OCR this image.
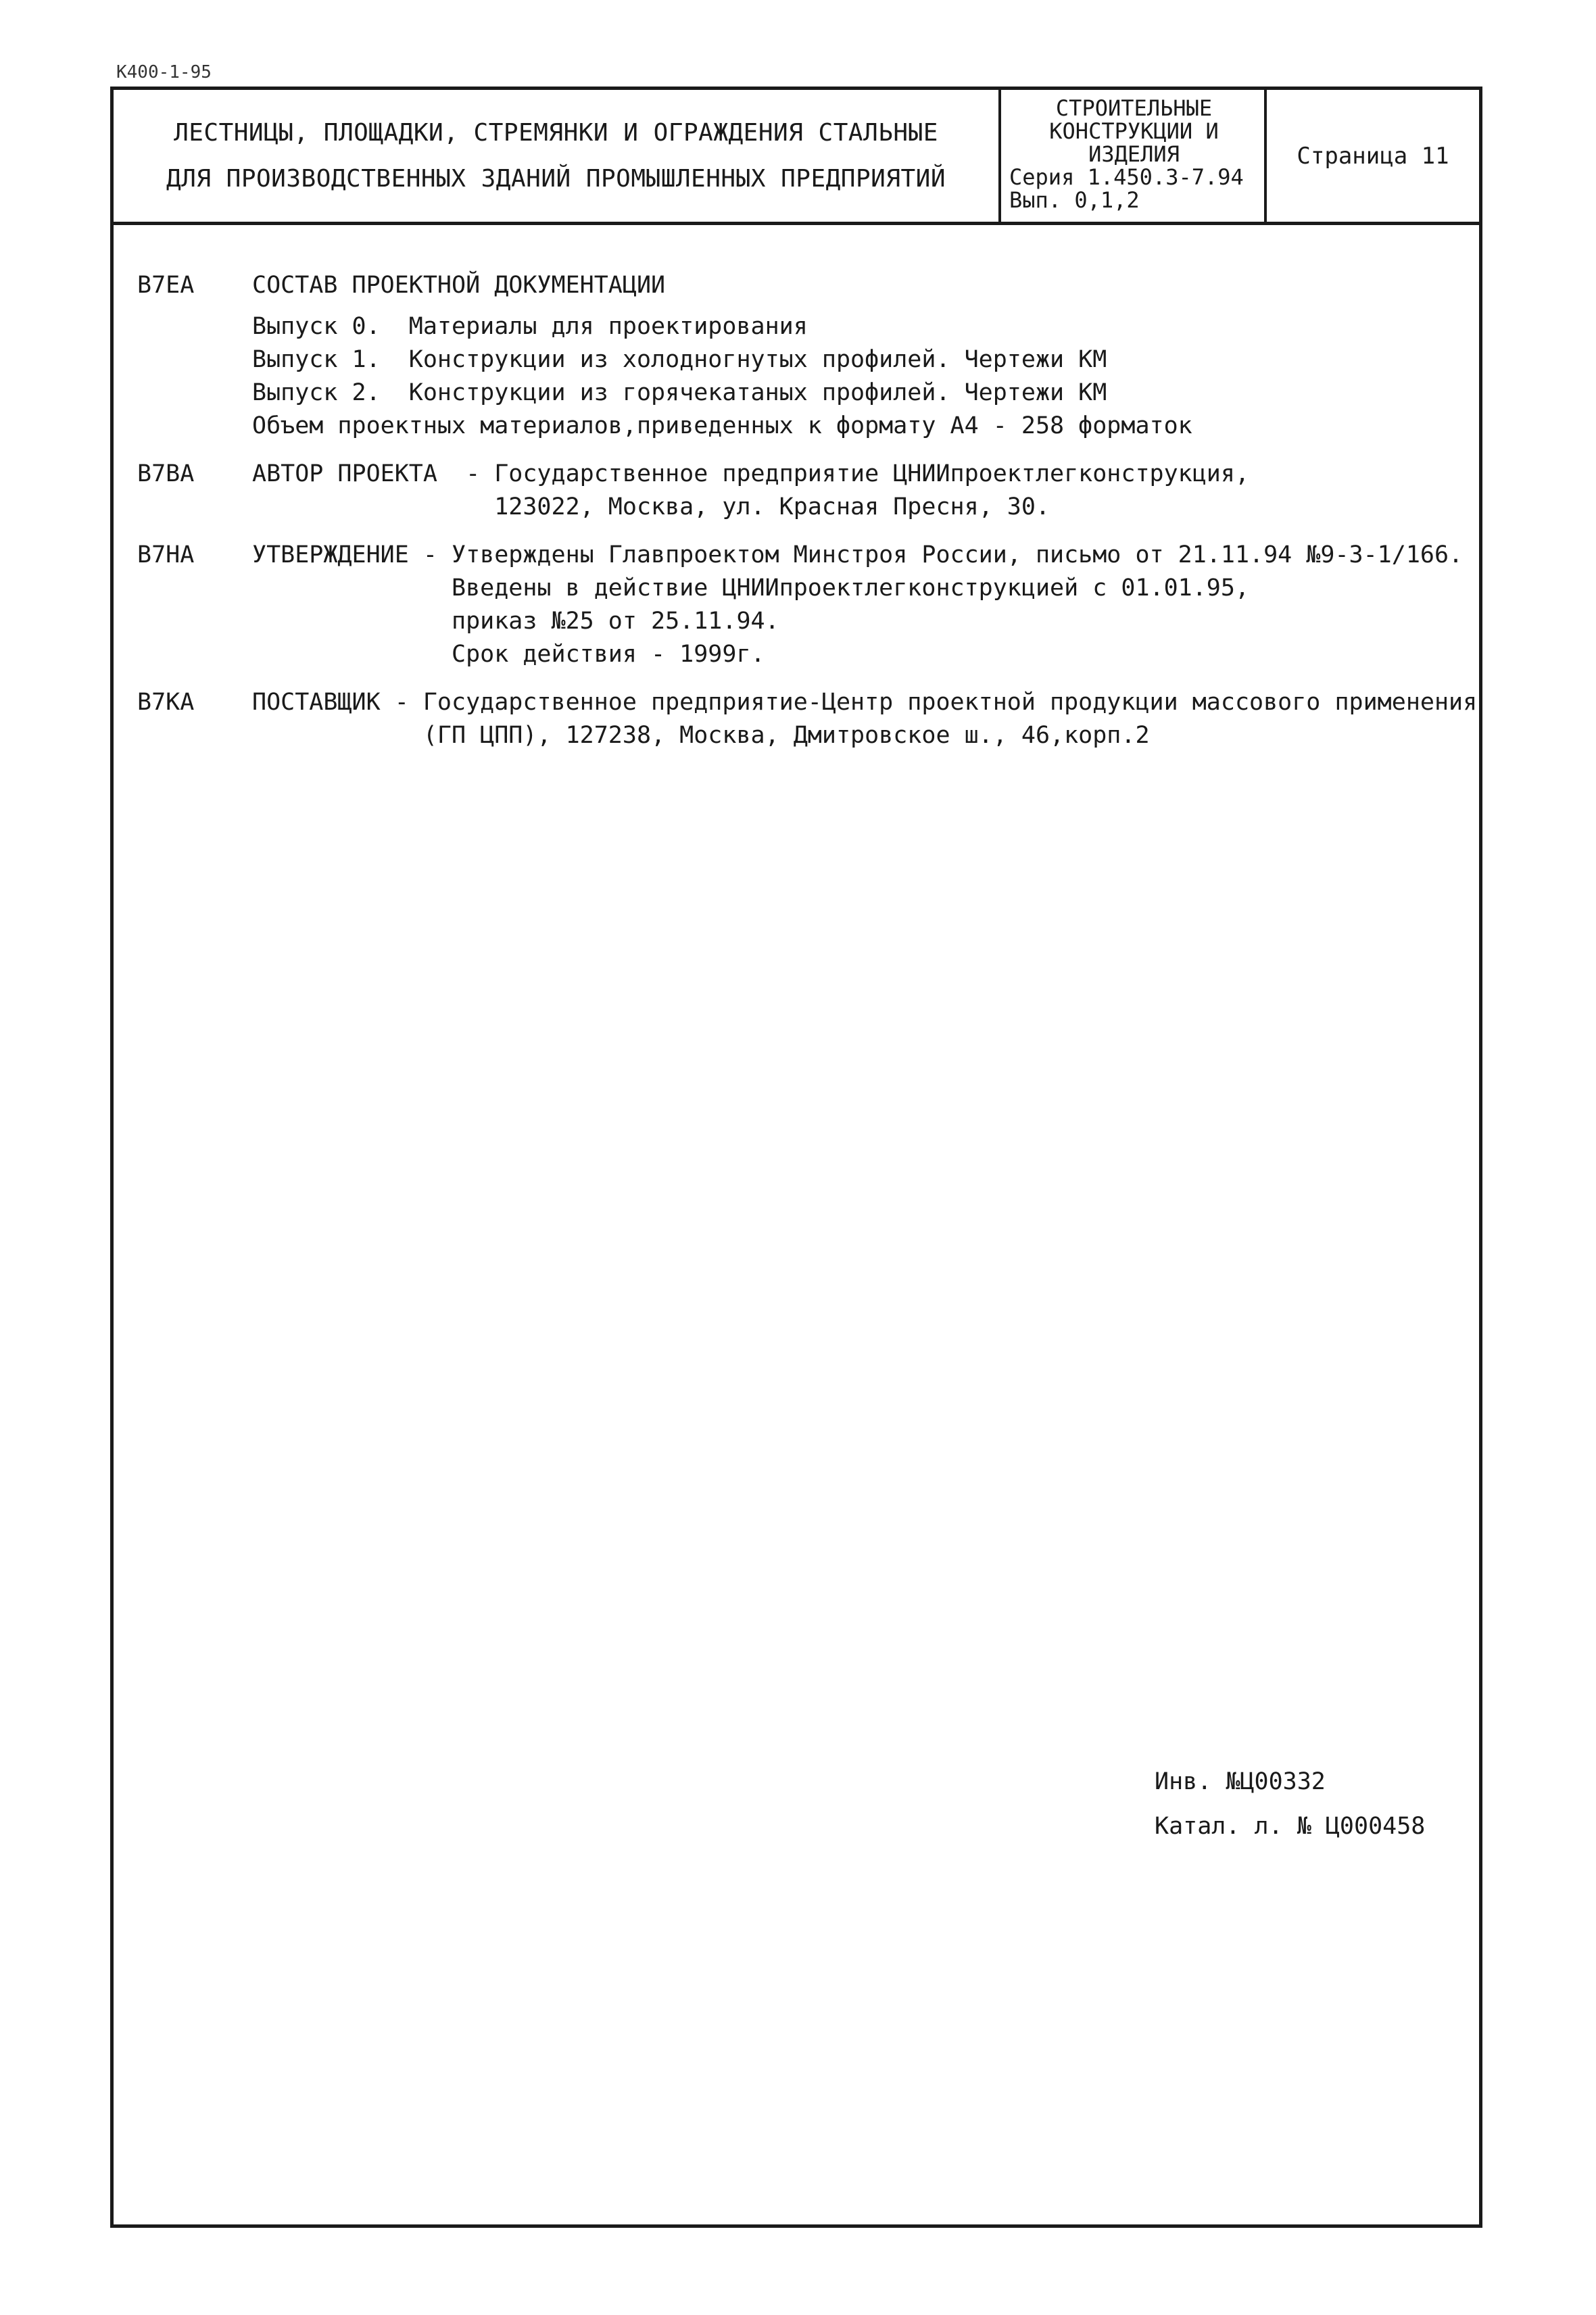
К400-1-95
ЛЕСТНИЦЫ, ПЛОЩАДКИ, СТРЕМЯНКИ И ОГРАЖДЕНИЯ СТАЛЬНЫЕ
ДЛЯ ПРОИЗВОДСТВЕННЫХ ЗДАНИЙ ПРОМЫШЛЕННЫХ ПРЕДПРИЯТИЙ
СТРОИТЕЛЬНЫЕ
КОНСТРУКЦИИ И
ИЗДЕЛИЯ
Серия 1.450.3-7.94
Вып. 0,1,2
Страница 11
В7ЕА	СОСТАВ ПРОЕКТНОЙ ДОКУМЕНТАЦИИ
Выпуск 0.  Материалы для проектирования
Выпуск 1.  Конструкции из холодногнутых профилей. Чертежи КМ
Выпуск 2.  Конструкции из горячекатаных профилей. Чертежи КМ
Объем проектных материалов,приведенных к формату А4 - 258 форматок
В7ВА	АВТОР ПРОЕКТА  - Государственное предприятие ЦНИИпроектлегконструкция,
123022, Москва, ул. Красная Пресня, 30.
В7НА	УТВЕРЖДЕНИЕ - Утверждены Главпроектом Минстроя России, письмо от 21.11.94 №9-3-1/166.
Введены в действие ЦНИИпроектлегконструкцией с 01.01.95,
приказ №25 от 25.11.94.
Срок действия - 1999г.
В7КА	ПОСТАВЩИК - Государственное предприятие-Центр проектной продукции массового применения
(ГП ЦПП), 127238, Москва, Дмитровское ш., 46,корп.2
Инв. №Ц00332
Катал. л. № Ц000458
